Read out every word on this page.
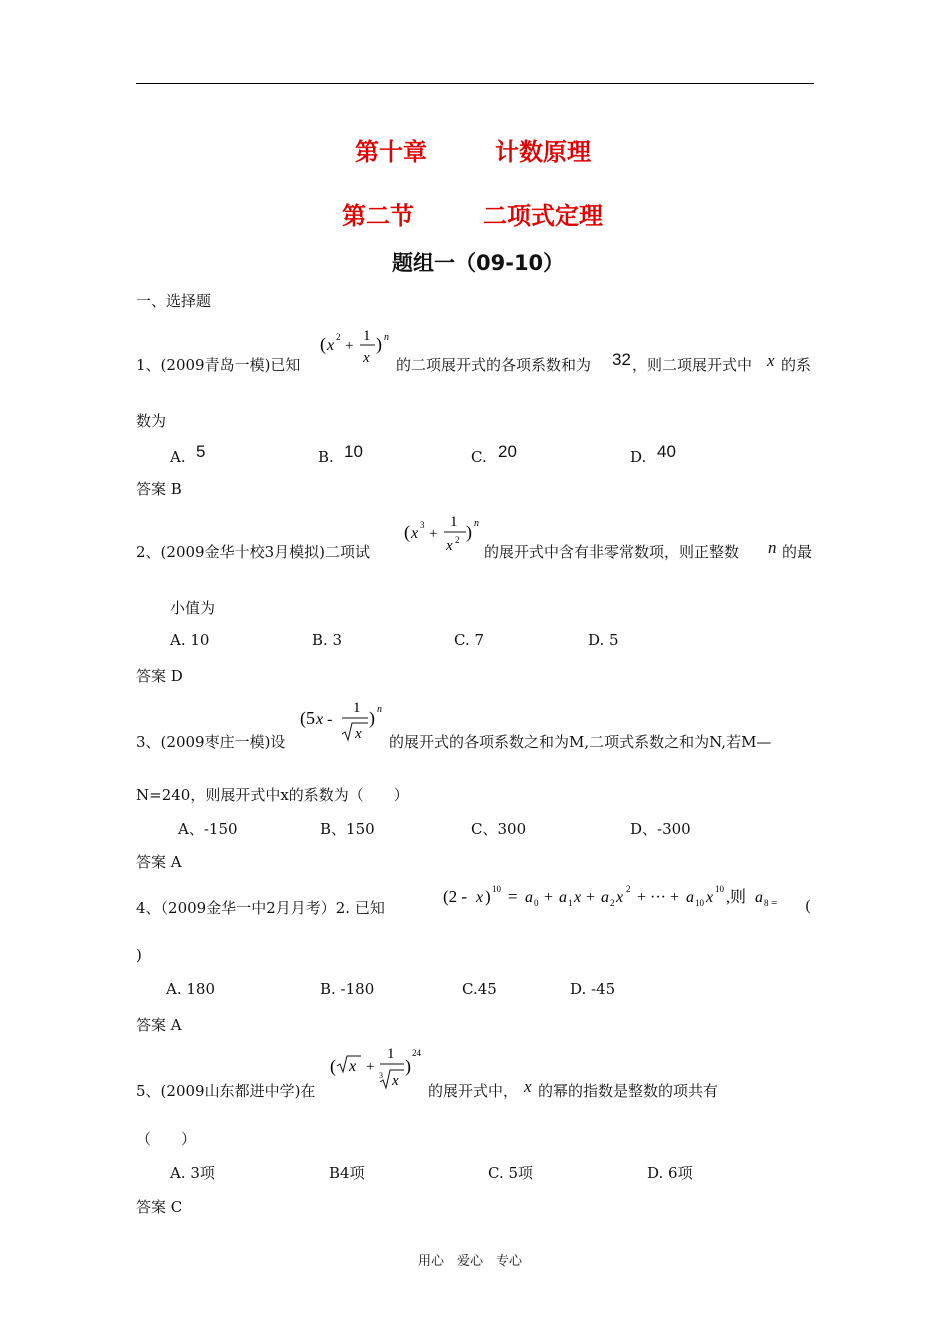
第十章	计数原理
第二节	二项式定理
题组一（09-10）
一、选择题
1、(2009青岛一模)已知
( x 2
+
1
x
) n
的二项展开式的各项系数和为 32 ，则二项展开式中 x 的系
数为
A. 5	B. 10	C. 20	D. 40
答案 B
2、(2009金华十校3月模拟)二项试
( x 3
+
1
x 2 ) n
的展开式中含有非零常数项，则正整数 n 的最
小值为
A. 10	B. 3	C. 7	D. 5
答案 D
3、(2009枣庄一模)设
(5 x -
1
x
) n
的展开式的各项系数之和为M,二项式系数之和为N,若M—
N=240，则展开式中x的系数为（　　）
A、-150	B、150	C、300	D、-300
答案 A
4、（2009金华一中2月月考）2. 已知
(2 - x ) 10 = a 0 + a 1 x + a 2 x 2 + ··· + a 10 x 10 ,则 a 8 = (
)
A. 180	B. -180	C.45	D. -45
答案 A
5、(2009山东都进中学)在
( x +
1
3 x
)
24
的展开式中， x 的幂的指数是整数的项共有
（　　）
A. 3项	B4项	C. 5项	D. 6项
答案 C
用心　爱心　专心
